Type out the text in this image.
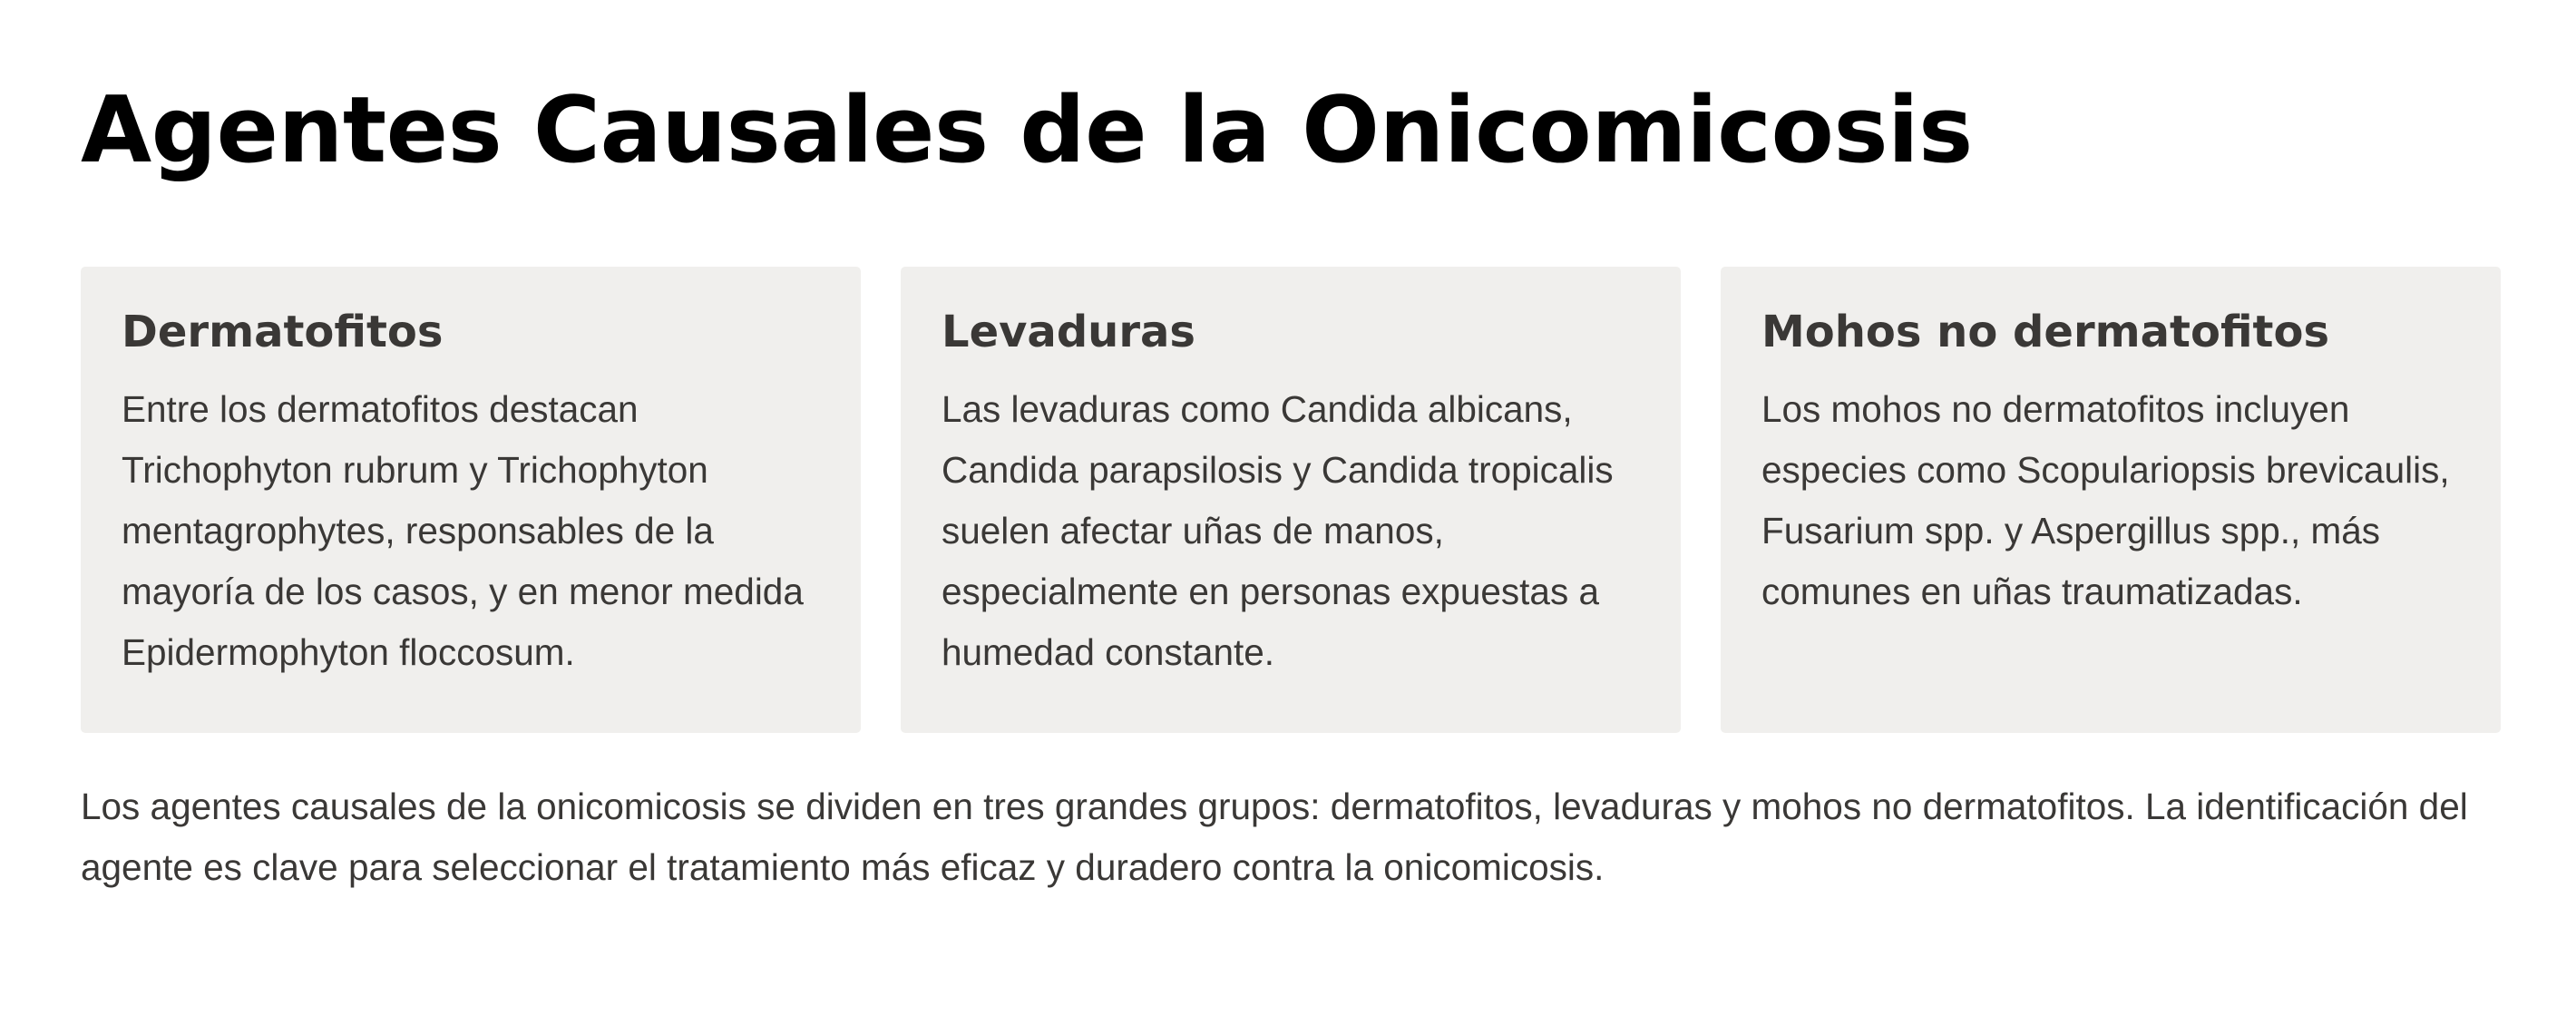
Agentes Causales de la Onicomicosis
Dermatofitos

Entre los dermatofitos destacan Trichophyton rubrum y Trichophyton mentagrophytes, responsables de la mayoría de los casos, y en menor medida Epidermophyton floccosum.

Levaduras

Las levaduras como Candida albicans, Candida parapsilosis y Candida tropicalis suelen afectar uñas de manos, especialmente en personas expuestas a humedad constante.

Mohos no dermatofitos

Los mohos no dermatofitos incluyen especies como Scopulariopsis brevicaulis, Fusarium spp. y Aspergillus spp., más comunes en uñas traumatizadas.

Los agentes causales de la onicomicosis se dividen en tres grandes grupos: dermatofitos, levaduras y mohos no dermatofitos. La identificación del agente es clave para seleccionar el tratamiento más eficaz y duradero contra la onicomicosis.
